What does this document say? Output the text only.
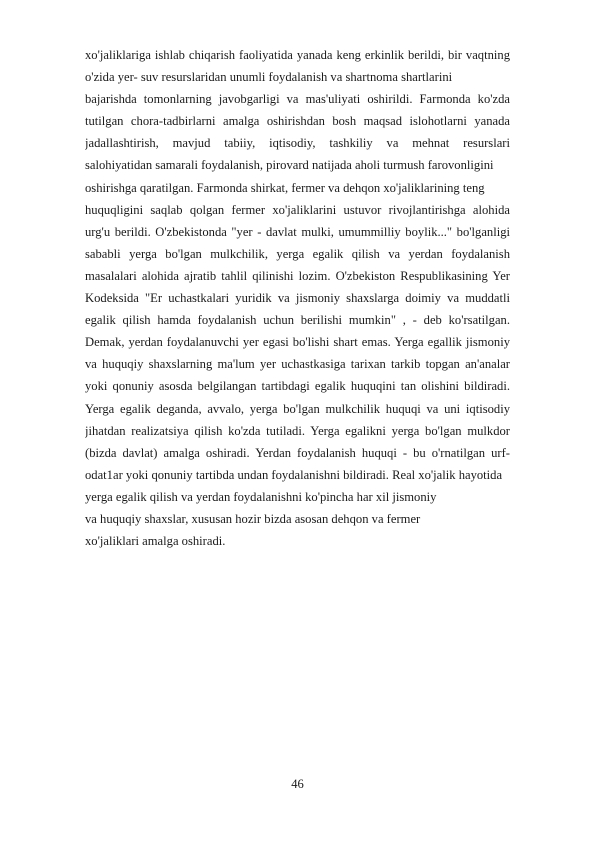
xo'jaliklariga ishlab chiqarish faoliyatida yanada keng erkinlik berildi, bir vaqtning
o'zida yer- suv resurslaridan unumli foydalanish va shartnoma shartlarini
bajarishda tomonlarning javobgarligi va mas'uliyati oshirildi. Farmonda ko'zda
tutilgan chora-tadbirlarni amalga oshirishdan bosh maqsad islohotlarni yanada
jadallashtirish, mavjud tabiiy, iqtisodiy, tashkiliy va mehnat resurslari
salohiyatidan samarali foydalanish, pirovard natijada aholi turmush farovonligini
oshirishga qaratilgan. Farmonda shirkat, fermer va dehqon xo'jaliklarining teng
huquqligini saqlab qolgan fermer xo'jaliklarini ustuvor rivojlantirishga alohida
urg'u berildi. O'zbekistonda "yer - davlat mulki, umummilliy boylik..." bo'lganligi
sababli yerga bo'lgan mulkchilik, yerga egalik qilish va yerdan foydalanish
masalalari alohida ajratib tahlil qilinishi lozim. O'zbekiston Respublikasining Yer
Kodeksida "Er uchastkalari yuridik va jismoniy shaxslarga doimiy va muddatli
egalik qilish hamda foydalanish uchun berilishi mumkin" , - deb ko'rsatilgan.
Demak, yerdan foydalanuvchi yer egasi bo'lishi shart emas. Yerga egallik jismoniy
va huquqiy shaxslarning ma'lum yer uchastkasiga tarixan tarkib topgan an'analar
yoki qonuniy asosda belgilangan tartibdagi egalik huquqini tan olishini bildiradi.
Yerga egalik deganda, avvalo, yerga bo'lgan mulkchilik huquqi va uni iqtisodiy
jihatdan realizatsiya qilish ko'zda tutiladi. Yerga egalikni yerga bo'lgan mulkdor
(bizda davlat) amalga oshiradi. Yerdan foydalanish huquqi - bu o'rnatilgan urf-
odat1ar yoki qonuniy tartibda undan foydalanishni bildiradi. Real xo'jalik hayotida
yerga egalik qilish va yerdan foydalanishni ko'pincha har xil jismoniy
va huquqiy shaxslar, xususan hozir bizda asosan dehqon va fermer
xo'jaliklari amalga oshiradi.
46
